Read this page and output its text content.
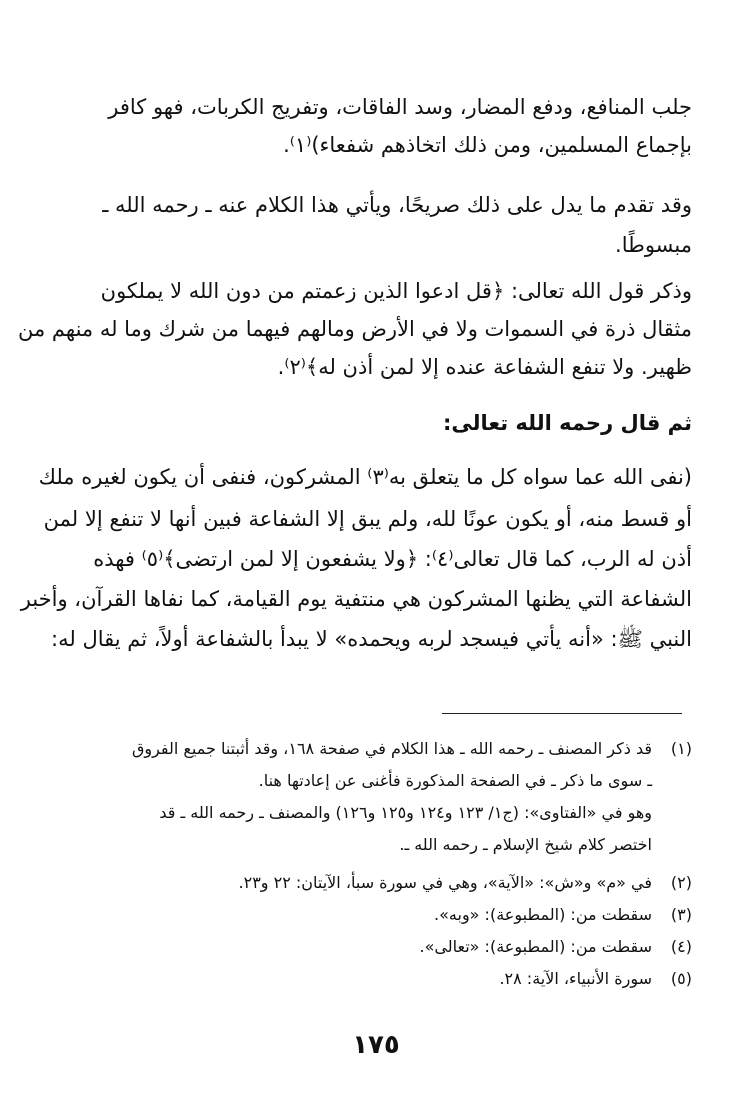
جلب المنافع، ودفع المضار، وسد الفاقات، وتفريج الكربات، فهو كافر
بإجماع المسلمين، ومن ذلك اتخاذهم شفعاء)⁽١⁾.
وقد تقدم ما يدل على ذلك صريحًا، ويأتي هذا الكلام عنه ـ رحمه الله ـ
مبسوطًا.
وذكر قول الله تعالى: ﴿قل ادعوا الذين زعمتم من دون الله لا يملكون
مثقال ذرة في السموات ولا في الأرض ومالهم فيهما من شرك وما له منهم من
ظهير. ولا تنفع الشفاعة عنده إلا لمن أذن له﴾⁽٢⁾.
ثم قال رحمه الله تعالى:
(نفى الله عما سواه كل ما يتعلق به⁽٣⁾ المشركون، فنفى أن يكون لغيره ملك
أو قسط منه، أو يكون عونًا لله، ولم يبق إلا الشفاعة فبين أنها لا تنفع إلا لمن
أذن له الرب، كما قال تعالى⁽٤⁾: ﴿ولا يشفعون إلا لمن ارتضى﴾⁽٥⁾ فهذه
الشفاعة التي يظنها المشركون هي منتفية يوم القيامة، كما نفاها القرآن، وأخبر
النبي ﷺ: «أنه يأتي فيسجد لربه ويحمده» لا يبدأ بالشفاعة أولاً، ثم يقال له:
(١)قد ذكر المصنف ـ رحمه الله ـ هذا الكلام في صفحة ١٦٨، وقد أثبتنا جميع الفروق
ـ سوى ما ذكر ـ في الصفحة المذكورة فأغنى عن إعادتها هنا.
وهو في «الفتاوى»: (ج١/ ١٢٣ و١٢٤ و١٢٥ و١٢٦) والمصنف ـ رحمه الله ـ قد
اختصر كلام شيخ الإسلام ـ رحمه الله ـ.
(٢)في «م» و«ش»: «الآية»، وهي في سورة سبأ، الآيتان: ٢٢ و٢٣.
(٣)سقطت من: (المطبوعة): «وبه».
(٤)سقطت من: (المطبوعة): «تعالى».
(٥)سورة الأنبياء، الآية: ٢٨.
١٧٥
